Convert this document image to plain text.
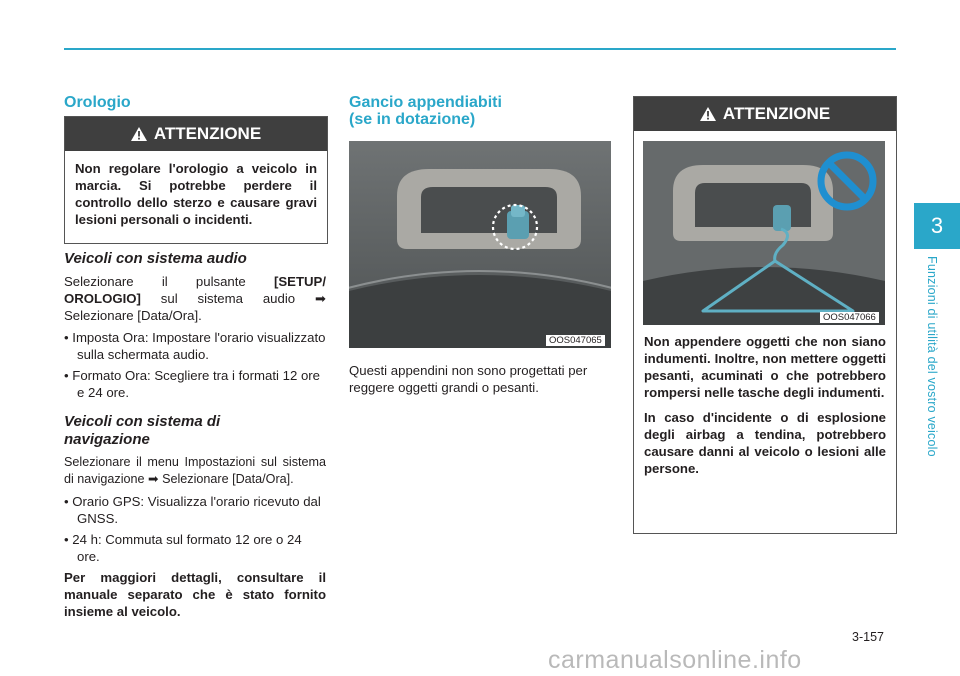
3
Funzioni di utilità del vostro veicolo
Orologio
ATTENZIONE
Non regolare l'orologio a veicolo in marcia. Si potrebbe perdere il controllo dello sterzo e causare gravi lesioni personali o incidenti.
Veicoli con sistema audio

Selezionare il pulsante [SETUP/ OROLOGIO] sul sistema audio ➡ Selezionare [Data/Ora].

• Imposta Ora: Impostare l'orario visualizzato sulla schermata audio.

• Formato Ora: Scegliere tra i formati 12 ore e 24 ore.

Veicoli con sistema di
navigazione

Selezionare il menu Impostazioni sul sistema di navigazione ➡ Selezionare [Data/Ora].

• Orario GPS: Visualizza l'orario ricevuto dal GNSS.

• 24 h: Commuta sul formato 12 ore o 24 ore.

Per maggiori dettagli, consultare il manuale separato che è stato fornito insieme al veicolo.

Gancio appendiabiti
(se in dotazione)
OOS047065

Questi appendini non sono progettati per reggere oggetti grandi o pesanti.

ATTENZIONE
OOS047066
Non appendere oggetti che non siano indumenti. Inoltre, non mettere oggetti pesanti, acuminati o che potrebbero rompersi nelle tasche degli indumenti.
In caso d'incidente o di esplosione degli airbag a tendina, potrebbero causare danni al veicolo o lesioni alle persone.
3-157
carmanualsonline.info
